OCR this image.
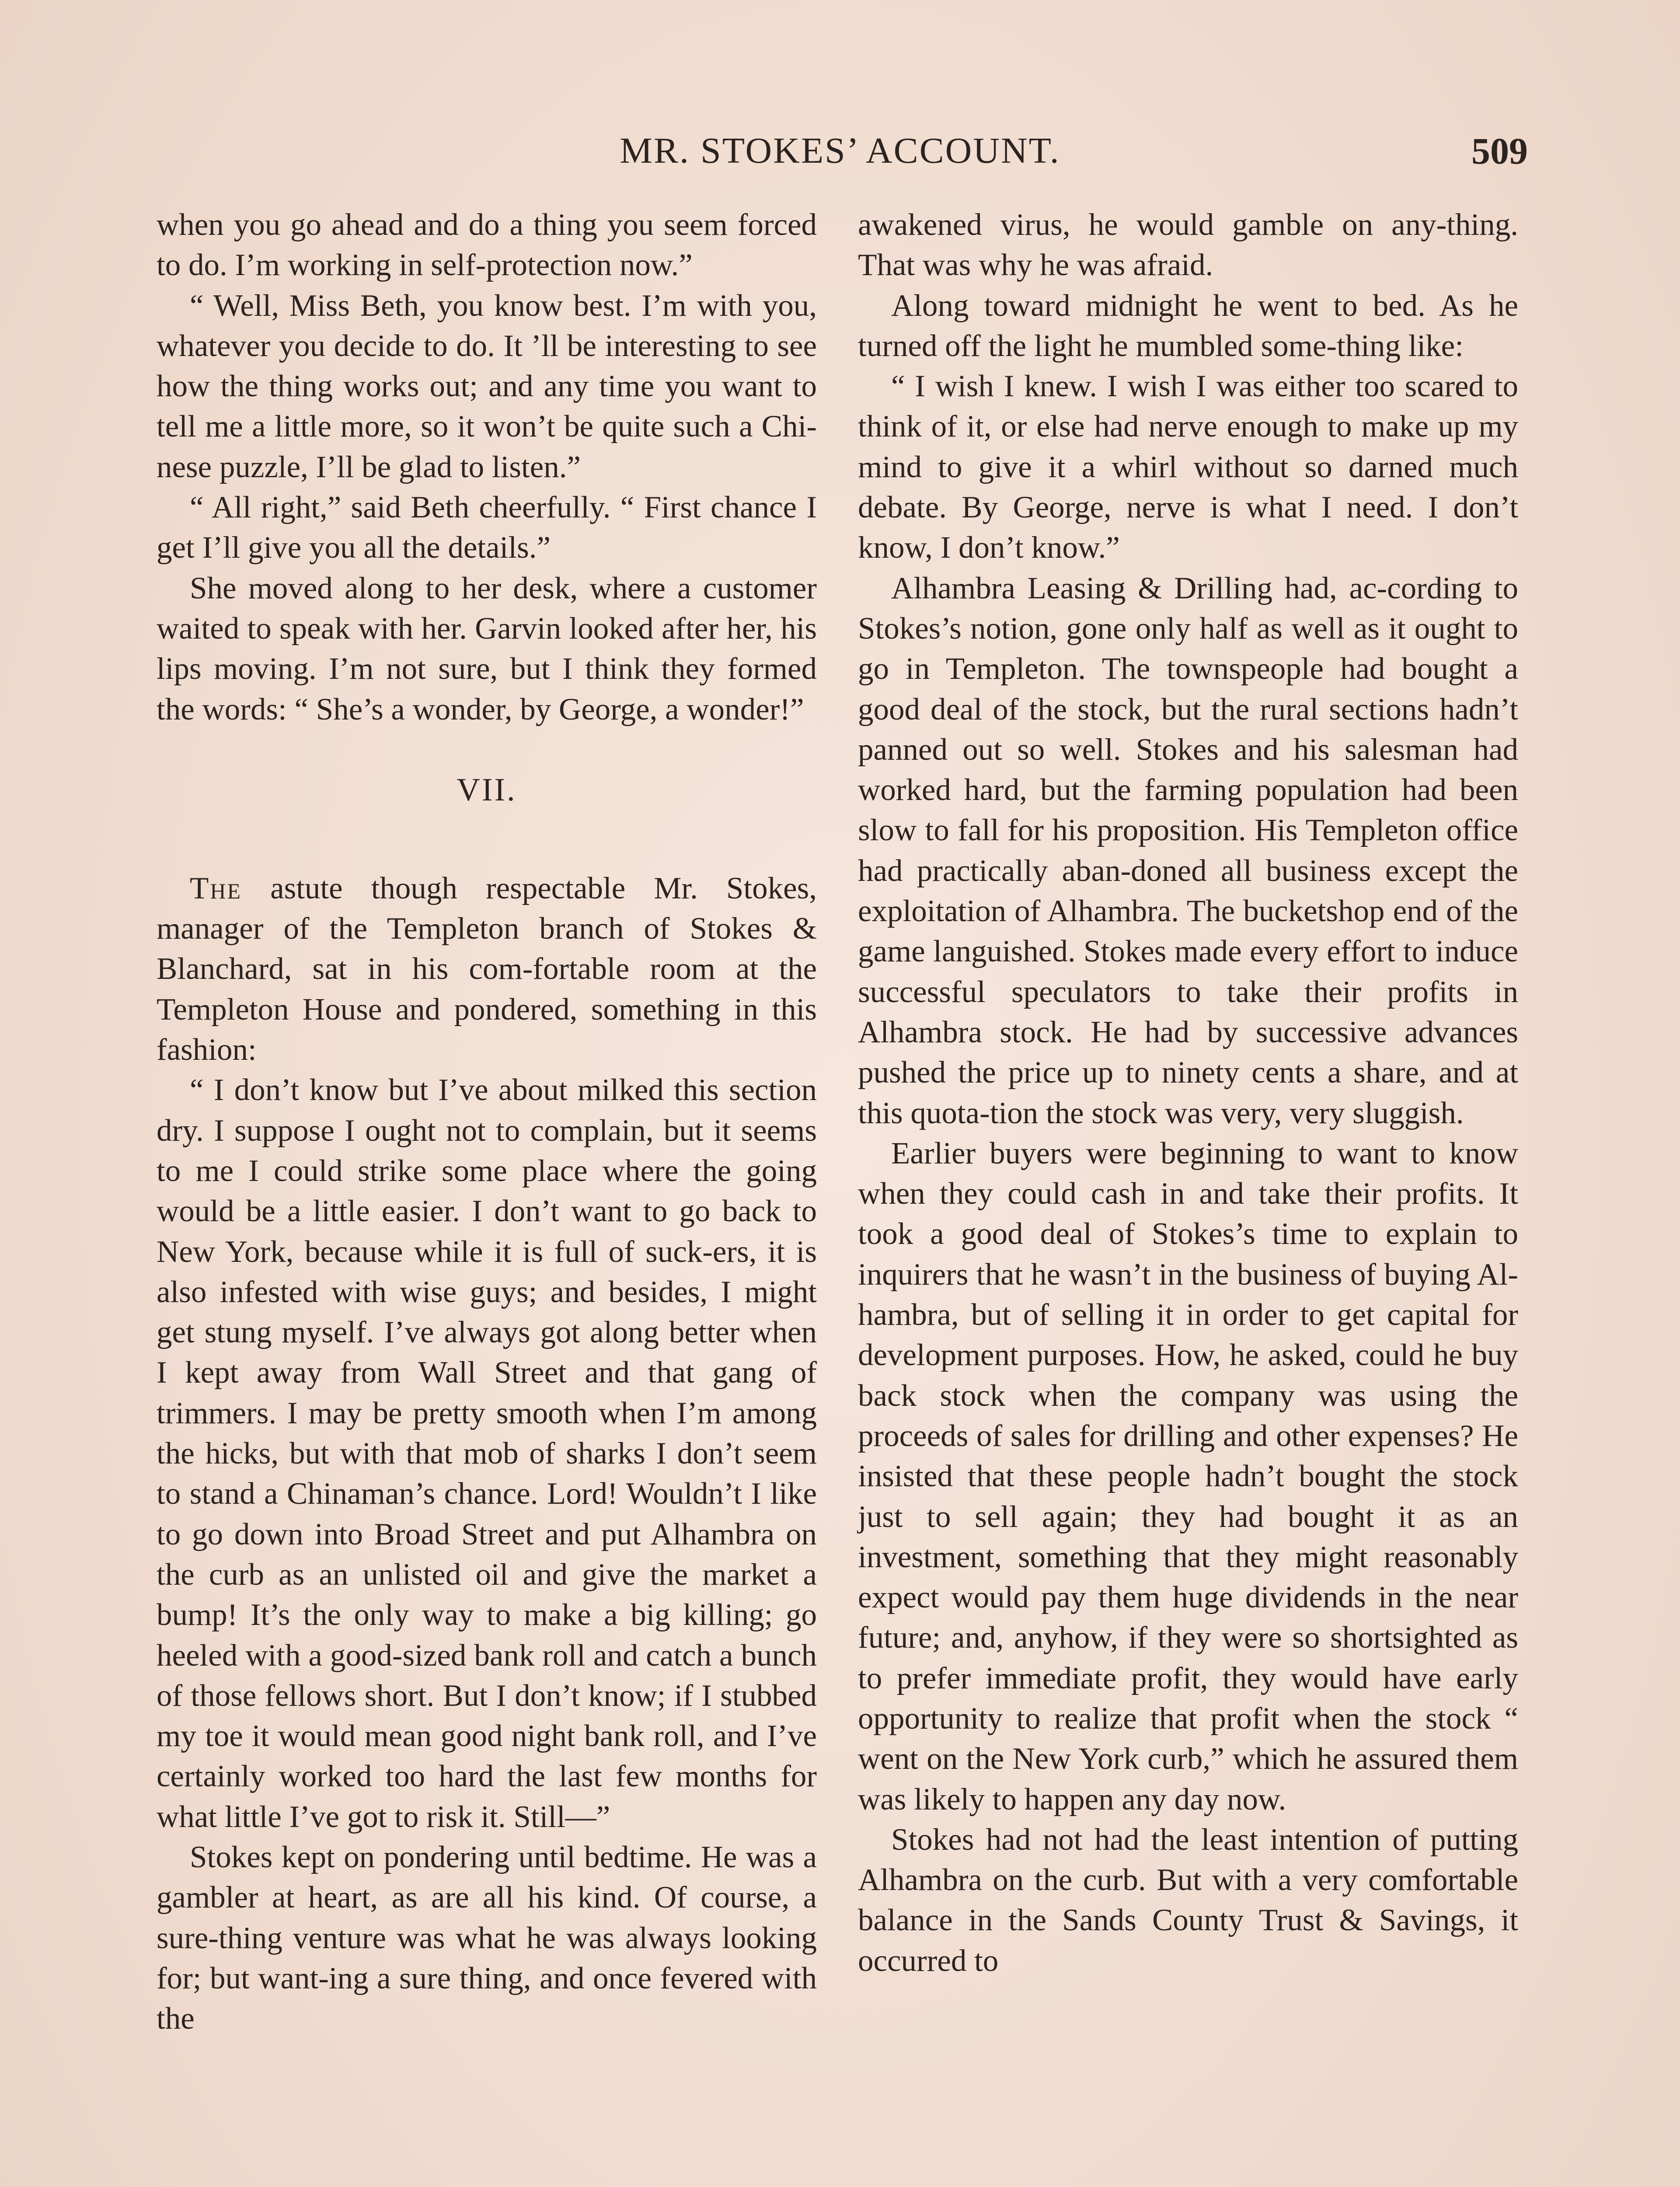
MR. STOKES’ ACCOUNT.	509

when you go ahead and do a thing you seem forced to do. I’m working in self-protection now.”

“ Well, Miss Beth, you know best. I’m with you, whatever you decide to do. It ’ll be interesting to see how the thing works out; and any time you want to tell me a little more, so it won’t be quite such a Chi-nese puzzle, I’ll be glad to listen.”

“ All right,” said Beth cheerfully. “ First chance I get I’ll give you all the details.”

She moved along to her desk, where a customer waited to speak with her. Garvin looked after her, his lips moving. I’m not sure, but I think they formed the words: “ She’s a wonder, by George, a wonder!”

VII.

The astute though respectable Mr. Stokes, manager of the Templeton branch of Stokes & Blanchard, sat in his com-fortable room at the Templeton House and pondered, something in this fashion:

“ I don’t know but I’ve about milked this section dry. I suppose I ought not to complain, but it seems to me I could strike some place where the going would be a little easier. I don’t want to go back to New York, because while it is full of suck-ers, it is also infested with wise guys; and besides, I might get stung myself. I’ve always got along better when I kept away from Wall Street and that gang of trimmers. I may be pretty smooth when I’m among the hicks, but with that mob of sharks I don’t seem to stand a Chinaman’s chance. Lord! Wouldn’t I like to go down into Broad Street and put Alhambra on the curb as an unlisted oil and give the market a bump! It’s the only way to make a big killing; go heeled with a good-sized bank roll and catch a bunch of those fellows short. But I don’t know; if I stubbed my toe it would mean good night bank roll, and I’ve certainly worked too hard the last few months for what little I’ve got to risk it. Still—”

Stokes kept on pondering until bedtime. He was a gambler at heart, as are all his kind. Of course, a sure-thing venture was what he was always looking for; but want-ing a sure thing, and once fevered with the

awakened virus, he would gamble on any-thing. That was why he was afraid.

Along toward midnight he went to bed. As he turned off the light he mumbled some-thing like:

“ I wish I knew. I wish I was either too scared to think of it, or else had nerve enough to make up my mind to give it a whirl without so darned much debate. By George, nerve is what I need. I don’t know, I don’t know.”

Alhambra Leasing & Drilling had, ac-cording to Stokes’s notion, gone only half as well as it ought to go in Templeton. The townspeople had bought a good deal of the stock, but the rural sections hadn’t panned out so well. Stokes and his salesman had worked hard, but the farming population had been slow to fall for his proposition. His Templeton office had practically aban-doned all business except the exploitation of Alhambra. The bucketshop end of the game languished. Stokes made every effort to induce successful speculators to take their profits in Alhambra stock. He had by successive advances pushed the price up to ninety cents a share, and at this quota-tion the stock was very, very sluggish.

Earlier buyers were beginning to want to know when they could cash in and take their profits. It took a good deal of Stokes’s time to explain to inquirers that he wasn’t in the business of buying Al-hambra, but of selling it in order to get capital for development purposes. How, he asked, could he buy back stock when the company was using the proceeds of sales for drilling and other expenses? He insisted that these people hadn’t bought the stock just to sell again; they had bought it as an investment, something that they might reasonably expect would pay them huge dividends in the near future; and, anyhow, if they were so shortsighted as to prefer immediate profit, they would have early opportunity to realize that profit when the stock “ went on the New York curb,” which he assured them was likely to happen any day now.

Stokes had not had the least intention of putting Alhambra on the curb. But with a very comfortable balance in the Sands County Trust & Savings, it occurred to
